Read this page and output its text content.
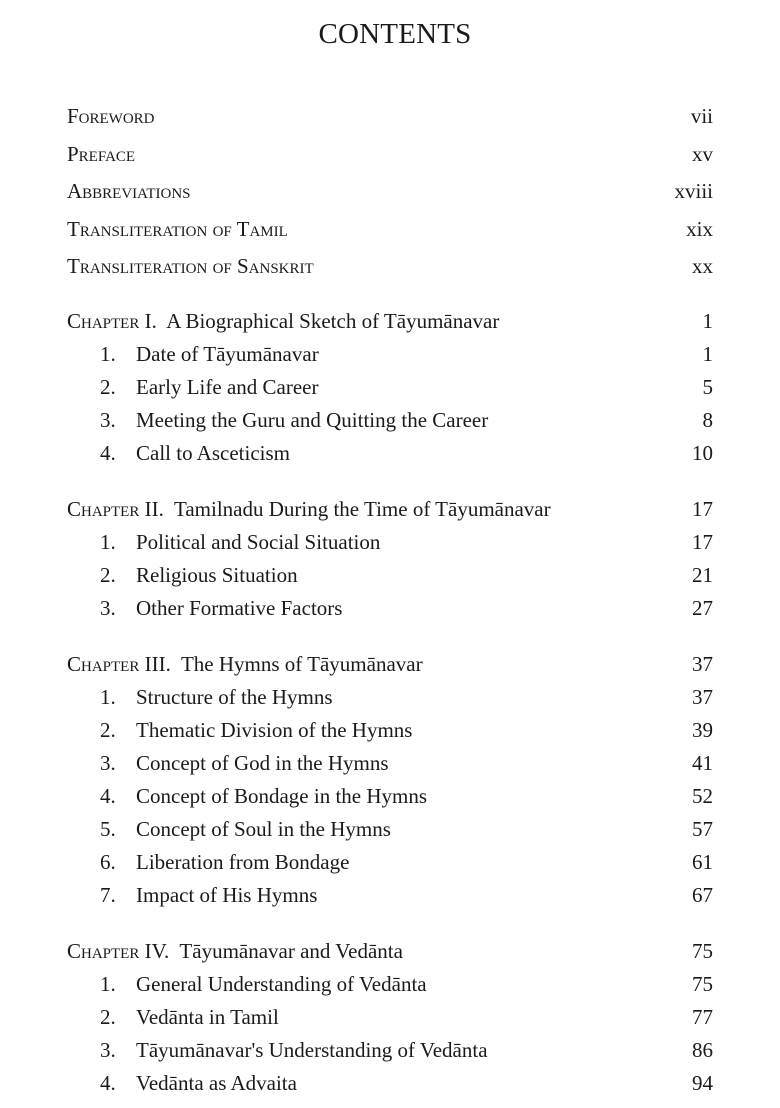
CONTENTS
Foreword	vii
Preface	xv
Abbreviations	xviii
Transliteration of Tamil	xix
Transliteration of Sanskrit	xx
Chapter I. A Biographical Sketch of Tāyumānavar	1
1. Date of Tāyumānavar	1
2. Early Life and Career	5
3. Meeting the Guru and Quitting the Career	8
4. Call to Asceticism	10
Chapter II. Tamilnadu During the Time of Tāyumānavar	17
1. Political and Social Situation	17
2. Religious Situation	21
3. Other Formative Factors	27
Chapter III. The Hymns of Tāyumānavar	37
1. Structure of the Hymns	37
2. Thematic Division of the Hymns	39
3. Concept of God in the Hymns	41
4. Concept of Bondage in the Hymns	52
5. Concept of Soul in the Hymns	57
6. Liberation from Bondage	61
7. Impact of His Hymns	67
Chapter IV. Tāyumānavar and Vedānta	75
1. General Understanding of Vedānta	75
2. Vedānta in Tamil	77
3. Tāyumānavar's Understanding of Vedānta	86
4. Vedānta as Advaita	94
